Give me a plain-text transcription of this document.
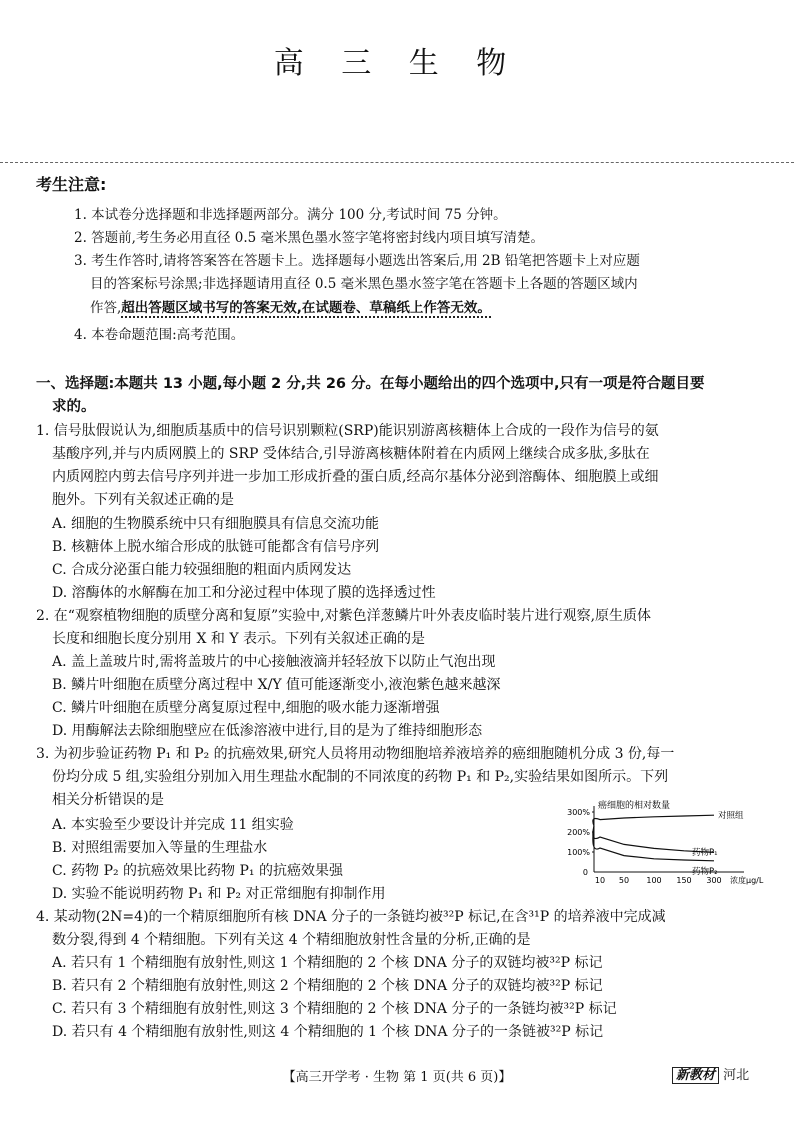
高 三 生 物
考生注意:
1. 本试卷分选择题和非选择题两部分。满分 100 分,考试时间 75 分钟。
2. 答题前,考生务必用直径 0.5 毫米黑色墨水签字笔将密封线内项目填写清楚。
3. 考生作答时,请将答案答在答题卡上。选择题每小题选出答案后,用 2B 铅笔把答题卡上对应题
目的答案标号涂黑;非选择题请用直径 0.5 毫米黑色墨水签字笔在答题卡上各题的答题区域内
作答,超出答题区域书写的答案无效,在试题卷、草稿纸上作答无效。
4. 本卷命题范围:高考范围。
一、选择题:本题共 13 小题,每小题 2 分,共 26 分。在每小题给出的四个选项中,只有一项是符合题目要
求的。
1. 信号肽假说认为,细胞质基质中的信号识别颗粒(SRP)能识别游离核糖体上合成的一段作为信号的氨
基酸序列,并与内质网膜上的 SRP 受体结合,引导游离核糖体附着在内质网上继续合成多肽,多肽在
内质网腔内剪去信号序列并进一步加工形成折叠的蛋白质,经高尔基体分泌到溶酶体、细胞膜上或细
胞外。下列有关叙述正确的是
A. 细胞的生物膜系统中只有细胞膜具有信息交流功能
B. 核糖体上脱水缩合形成的肽链可能都含有信号序列
C. 合成分泌蛋白能力较强细胞的粗面内质网发达
D. 溶酶体的水解酶在加工和分泌过程中体现了膜的选择透过性
2. 在“观察植物细胞的质壁分离和复原”实验中,对紫色洋葱鳞片叶外表皮临时装片进行观察,原生质体
长度和细胞长度分别用 X 和 Y 表示。下列有关叙述正确的是
A. 盖上盖玻片时,需将盖玻片的中心接触液滴并轻轻放下以防止气泡出现
B. 鳞片叶细胞在质壁分离过程中 X/Y 值可能逐渐变小,液泡紫色越来越深
C. 鳞片叶细胞在质壁分离复原过程中,细胞的吸水能力逐渐增强
D. 用酶解法去除细胞壁应在低渗溶液中进行,目的是为了维持细胞形态
3. 为初步验证药物 P₁ 和 P₂ 的抗癌效果,研究人员将用动物细胞培养液培养的癌细胞随机分成 3 份,每一
份均分成 5 组,实验组分别加入用生理盐水配制的不同浓度的药物 P₁ 和 P₂,实验结果如图所示。下列
相关分析错误的是
A. 本实验至少要设计并完成 11 组实验
B. 对照组需要加入等量的生理盐水
C. 药物 P₂ 的抗癌效果比药物 P₁ 的抗癌效果强
D. 实验不能说明药物 P₁ 和 P₂ 对正常细胞有抑制作用
癌细胞的相对数量
100%
200%
300%
0
10 50 100 150 300 浓度μg/L
对照组
药物P₁
药物P₂
4. 某动物(2N=4)的一个精原细胞所有核 DNA 分子的一条链均被³²P 标记,在含³¹P 的培养液中完成减
数分裂,得到 4 个精细胞。下列有关这 4 个精细胞放射性含量的分析,正确的是
A. 若只有 1 个精细胞有放射性,则这 1 个精细胞的 2 个核 DNA 分子的双链均被³²P 标记
B. 若只有 2 个精细胞有放射性,则这 2 个精细胞的 2 个核 DNA 分子的双链均被³²P 标记
C. 若只有 3 个精细胞有放射性,则这 3 个精细胞的 2 个核 DNA 分子的一条链均被³²P 标记
D. 若只有 4 个精细胞有放射性,则这 4 个精细胞的 1 个核 DNA 分子的一条链被³²P 标记
【高三开学考 · 生物 第 1 页(共 6 页)】	新教材 河北
